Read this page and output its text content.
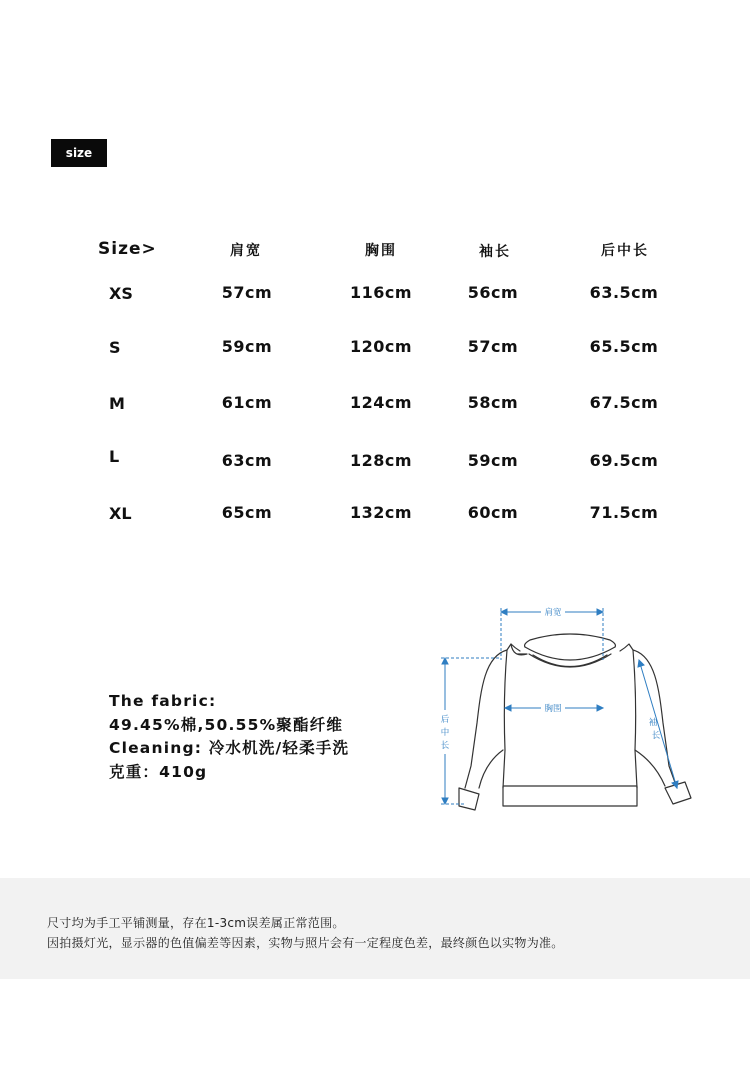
size
Size>	肩宽	胸围	袖长	后中长
XS	57cm	116cm	56cm	63.5cm
S	59cm	120cm	57cm	65.5cm
M	61cm	124cm	58cm	67.5cm
L	63cm	128cm	59cm	69.5cm
XL	65cm	132cm	60cm	71.5cm
The fabric:
49.45%棉,50.55%聚酯纤维
Cleaning: 冷水机洗/轻柔手洗
克重：410g
肩宽
胸围
后
中
长
袖
长
尺寸均为手工平铺测量，存在1-3cm误差属正常范围。
因拍摄灯光，显示器的色值偏差等因素，实物与照片会有一定程度色差，最终颜色以实物为准。
